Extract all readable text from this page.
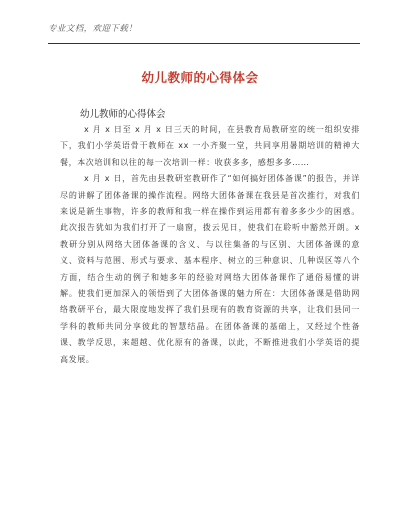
专业文档，欢迎下载！
幼儿教师的心得体会
幼儿教师的心得体会

x 月 x 日至 x 月 x 日三天的时间，在县教育局教研室的统一组织安排下，我们小学英语骨干教师在 xx 一小齐聚一堂，共同享用暑期培训的精神大餐，本次培训和以往的每一次培训一样：收获多多，感想多多……

x 月 x 日，首先由县教研室教研作了“如何搞好团体备课”的报告，并详尽的讲解了团体备课的操作流程。网络大团体备课在我县是首次推行，对我们来说是新生事物，许多的教师和我一样在操作到运用都有着多多少少的困惑。此次报告犹如为我们打开了一扇窗，拨云见日，使我们在聆听中豁然开朗。x 教研分别从网络大团体备课的含义、与以往集备的与区别、大团体备课的意义、资料与范围、形式与要求、基本程序、树立的三种意识、几种误区等八个方面，结合生动的例子和她多年的经验对网络大团体备课作了通俗易懂的讲解。使我们更加深入的领悟到了大团体备课的魅力所在：大团体备课是借助网络教研平台，最大限度地发挥了我们县现有的教育资源的共享，让我们县同一学科的教师共同分享彼此的智慧结晶。在团体备课的基础上，又经过个性备课、教学反思，来超越、优化原有的备课，以此，不断推进我们小学英语的提高发展。
